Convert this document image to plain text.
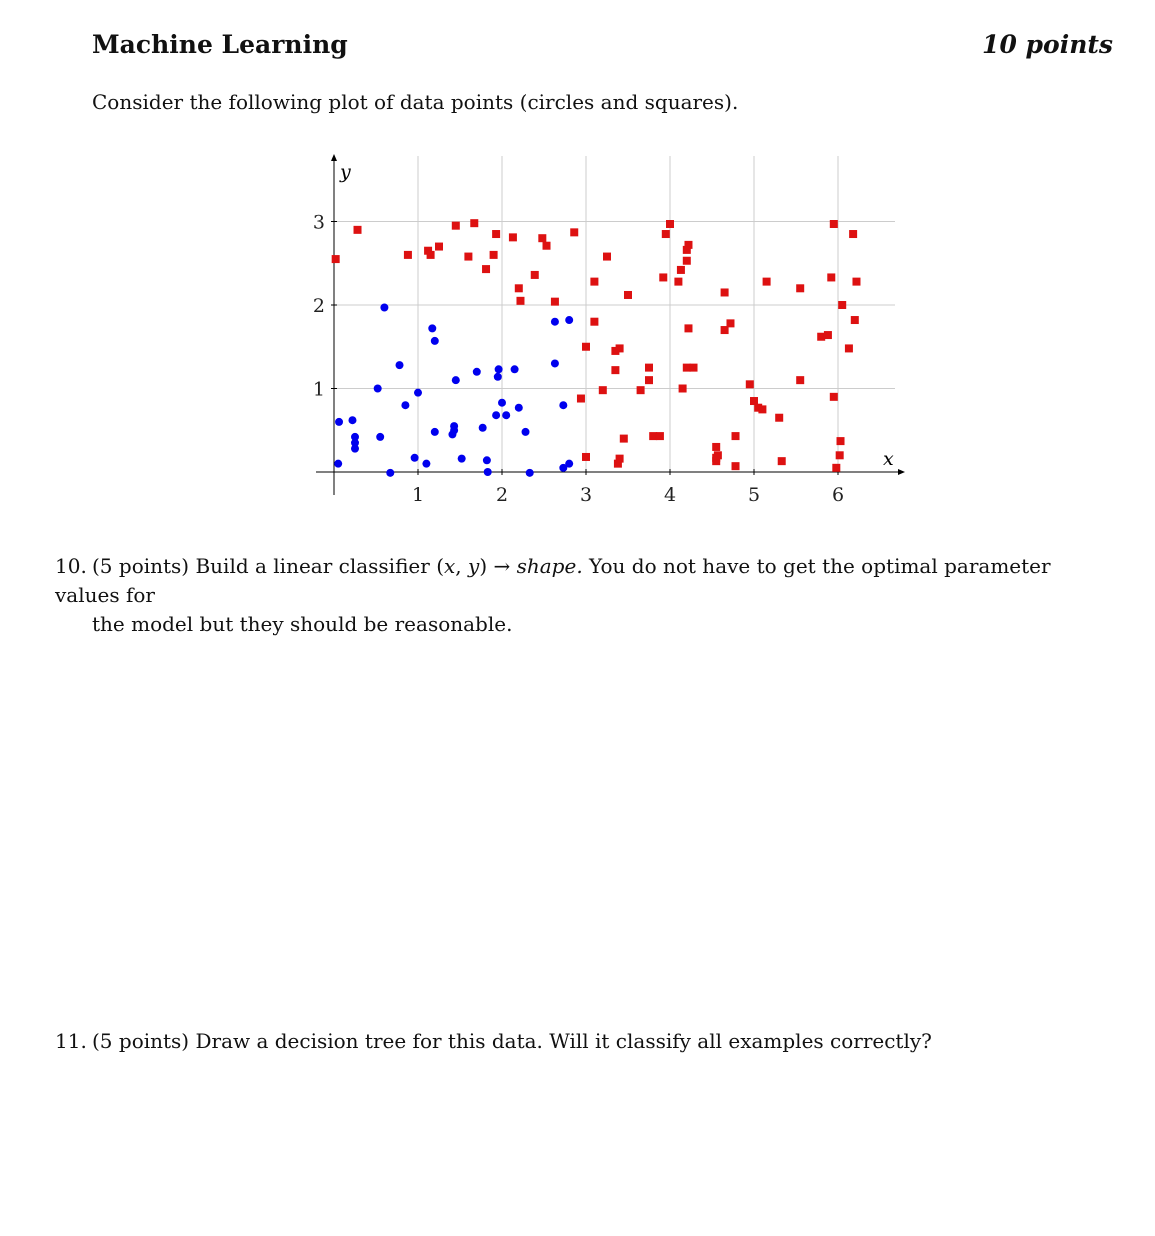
Machine Learning	10 points

Consider the following plot of data points (circles and squares).

x
y
1	2	3	4	5	6
1
2
3
10. (5 points) Build a linear classifier (x, y) → shape. You do not have to get the optimal parameter values for
the model but they should be reasonable.
11. (5 points) Draw a decision tree for this data. Will it classify all examples correctly?
